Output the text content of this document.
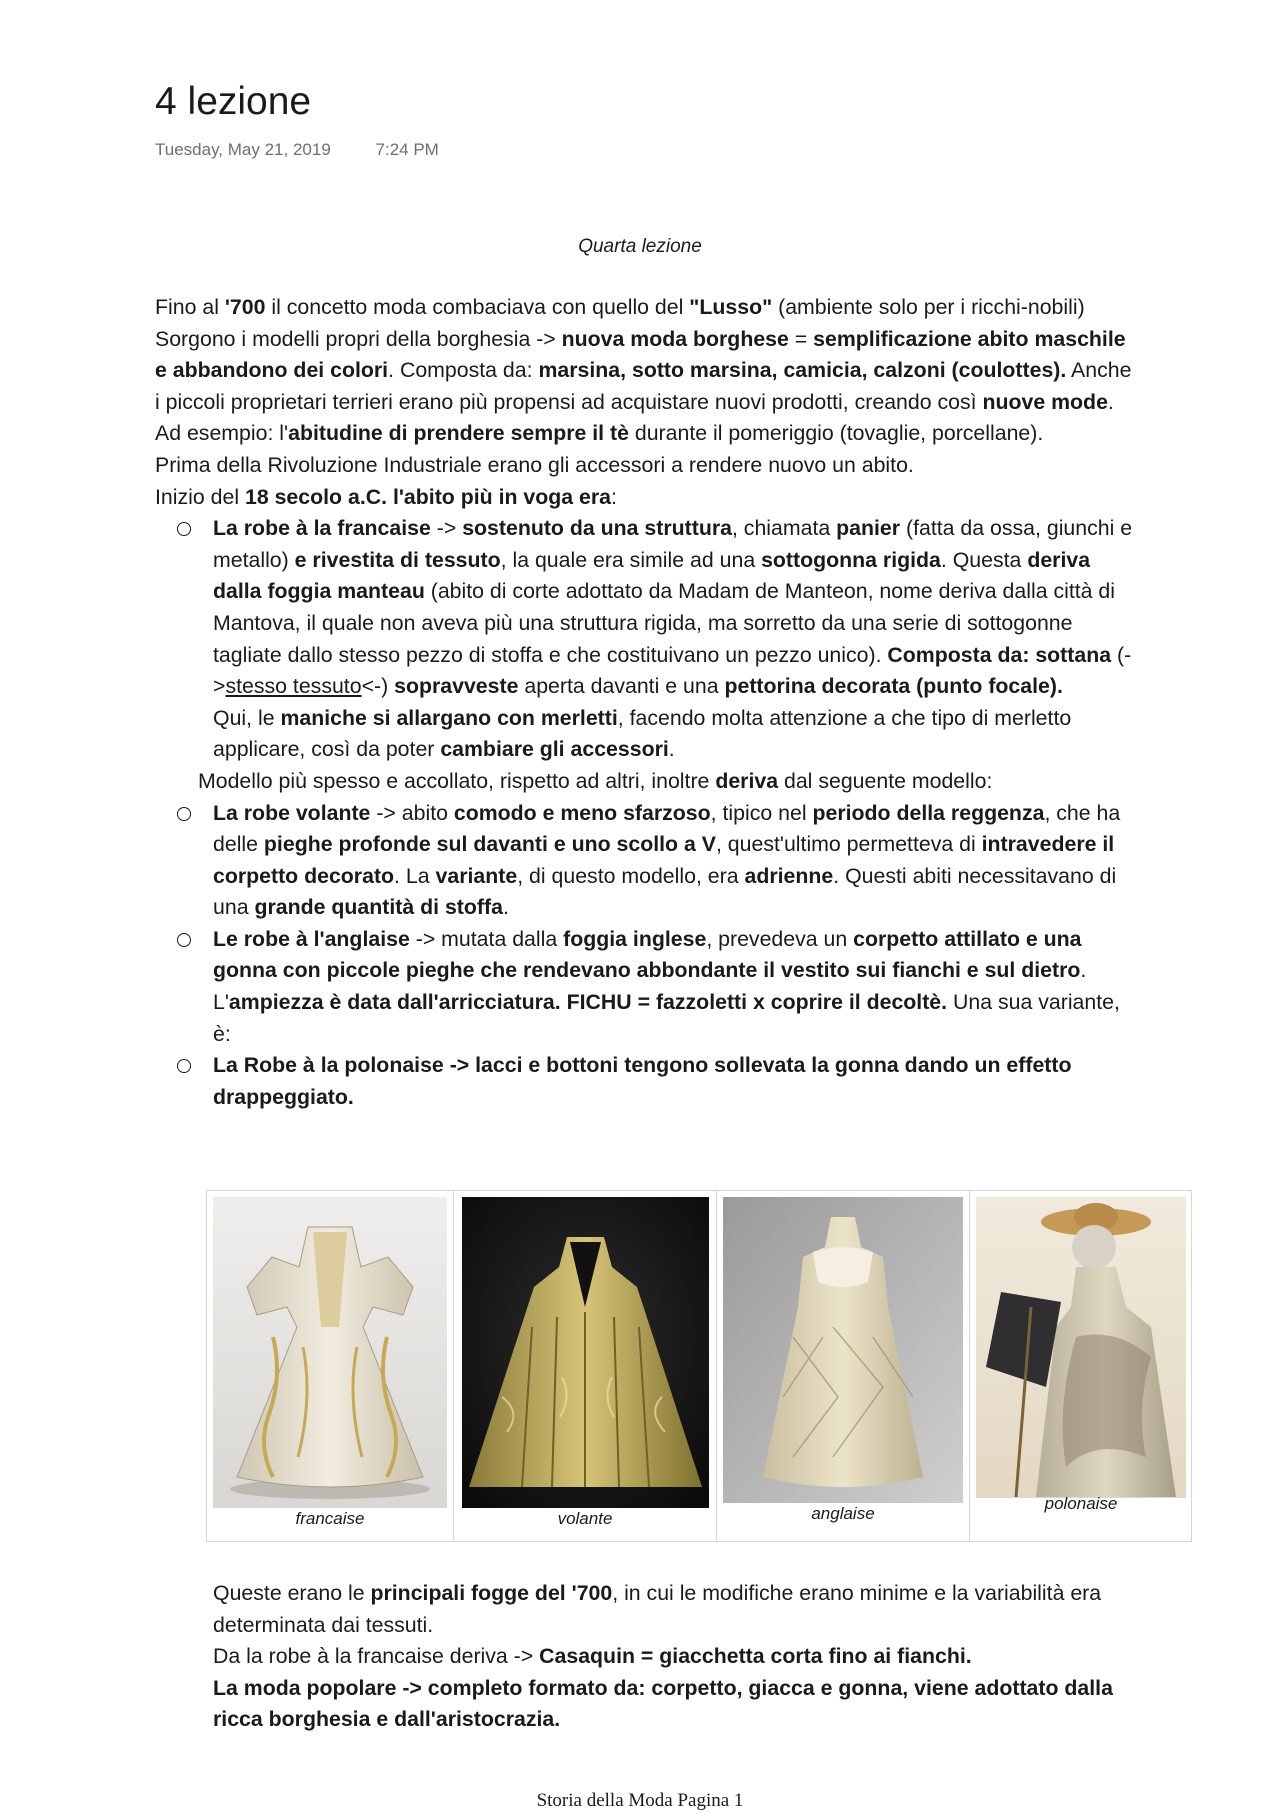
4 lezione
Tuesday, May 21, 2019	7:24 PM
Quarta lezione

Fino al '700 il concetto moda combaciava con quello del "Lusso" (ambiente solo per i ricchi-nobili) Sorgono i modelli propri della borghesia -> nuova moda borghese = semplificazione abito maschile e abbandono dei colori. Composta da: marsina, sotto marsina, camicia, calzoni (coulottes). Anche i piccoli proprietari terrieri erano più propensi ad acquistare nuovi prodotti, creando così nuove mode. Ad esempio: l'abitudine di prendere sempre il tè durante il pomeriggio (tovaglie, porcellane).

Prima della Rivoluzione Industriale erano gli accessori a rendere nuovo un abito.

Inizio del 18 secolo a.C. l'abito più in voga era:

La robe à la francaise -> sostenuto da una struttura, chiamata panier (fatta da ossa, giunchi e metallo) e rivestita di tessuto, la quale era simile ad una sottogonna rigida. Questa deriva dalla foggia manteau (abito di corte adottato da Madam de Manteon, nome deriva dalla città di Mantova, il quale non aveva più una struttura rigida, ma sorretto da una serie di sottogonne tagliate dallo stesso pezzo di stoffa e che costituivano un pezzo unico). Composta da: sottana (->stesso tessuto<-) sopravveste aperta davanti e una pettorina decorata (punto focale).
Qui, le maniche si allargano con merletti, facendo molta attenzione a che tipo di merletto applicare, così da poter cambiare gli accessori.

Modello più spesso e accollato, rispetto ad altri, inoltre deriva dal seguente modello:

La robe volante -> abito comodo e meno sfarzoso, tipico nel periodo della reggenza, che ha delle pieghe profonde sul davanti e uno scollo a V, quest'ultimo permetteva di intravedere il corpetto decorato. La variante, di questo modello, era adrienne. Questi abiti necessitavano di una grande quantità di stoffa.
Le robe à l'anglaise -> mutata dalla foggia inglese, prevedeva un corpetto attillato e una gonna con piccole pieghe che rendevano abbondante il vestito sui fianchi e sul dietro. L'ampiezza è data dall'arricciatura. FICHU = fazzoletti x coprire il decoltè. Una sua variante, è:
La Robe à la polonaise -> lacci e bottoni tengono sollevata la gonna dando un effetto drappeggiato.
francaise	volante	anglaise
polonaise

Queste erano le principali fogge del '700, in cui le modifiche erano minime e la variabilità era determinata dai tessuti.

Da la robe à la francaise deriva -> Casaquin = giacchetta corta fino ai fianchi.

La moda popolare -> completo formato da: corpetto, giacca e gonna, viene adottato dalla ricca borghesia e dall'aristocrazia.

Storia della Moda Pagina 1
